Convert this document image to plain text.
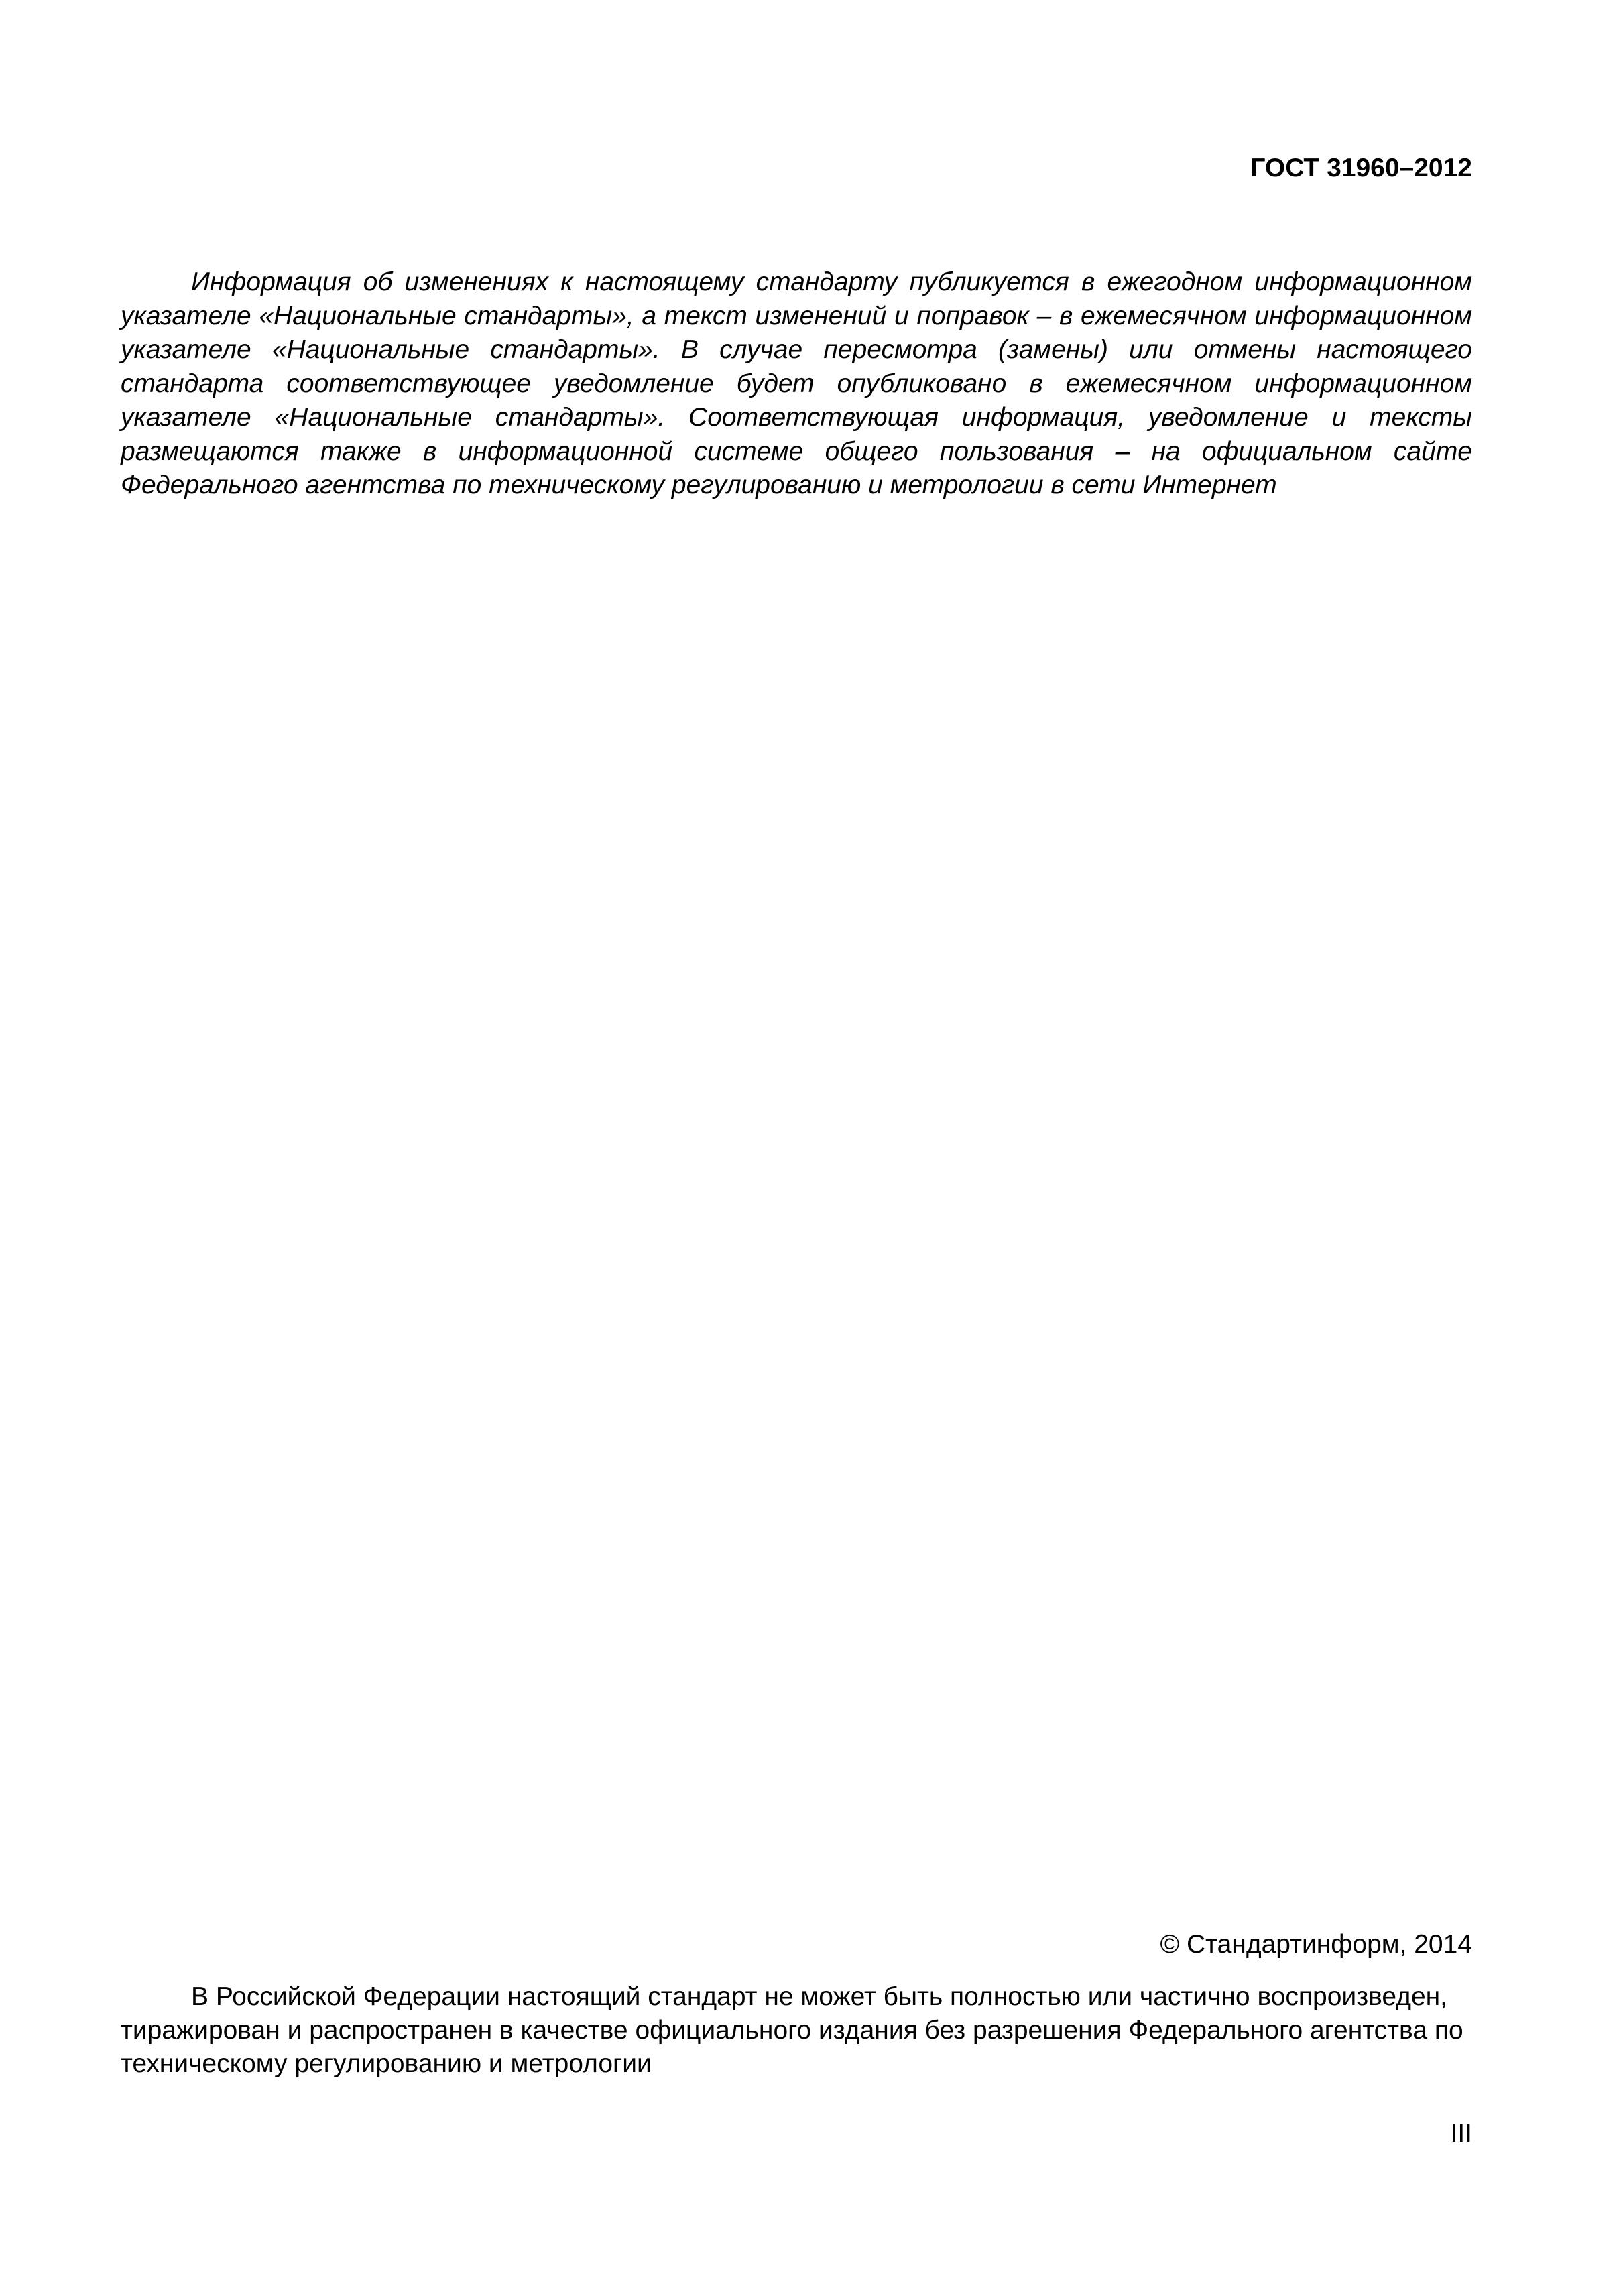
ГОСТ 31960–2012

Информация об изменениях к настоящему стандарту публикуется в ежегодном информационном указателе «Национальные стандарты», а текст изменений и поправок – в ежемесячном информационном указателе «Национальные стандарты». В случае пересмотра (замены) или отмены настоящего стандарта соответствующее уведомление будет опубликовано в ежемесячном информационном указателе «Национальные стандарты». Соответствующая информация, уведомление и тексты размещаются также в информационной системе общего пользования – на официальном сайте Федерального агентства по техническому регулированию и метрологии в сети Интернет

© Стандартинформ, 2014

В Российской Федерации настоящий стандарт не может быть полностью или частично воспроизведен, тиражирован и распространен в качестве официального издания без разрешения Федерального агентства по техническому регулированию и метрологии

III
